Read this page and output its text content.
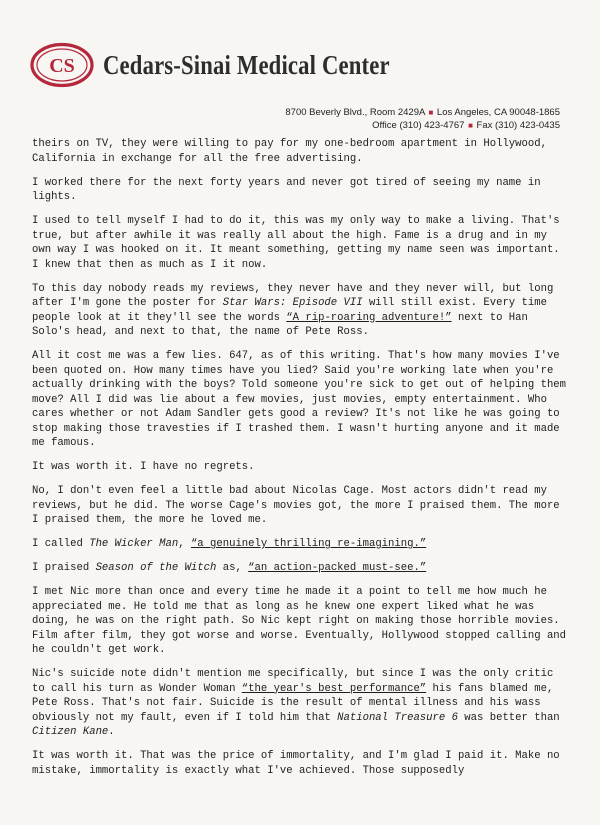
CS Cedars-Sinai Medical Center
8700 Beverly Blvd., Room 2429A ■ Los Angeles, CA 90048-1865
Office (310) 423-4767 ■ Fax (310) 423-0435

theirs on TV, they were willing to pay for my one-bedroom apartment in Hollywood, California in exchange for all the free advertising.

I worked there for the next forty years and never got tired of seeing my name in lights.

I used to tell myself I had to do it, this was my only way to make a living. That's true, but after awhile it was really all about the high. Fame is a drug and in my own way I was hooked on it. It meant something, getting my name seen was important. I knew that then as much as I it now.

To this day nobody reads my reviews, they never have and they never will, but long after I'm gone the poster for Star Wars: Episode VII will still exist. Every time people look at it they'll see the words “A rip-roaring adventure!” next to Han Solo's head, and next to that, the name of Pete Ross.

All it cost me was a few lies. 647, as of this writing. That's how many movies I've been quoted on. How many times have you lied? Said you're working late when you're actually drinking with the boys? Told someone you're sick to get out of helping them move? All I did was lie about a few movies, just movies, empty entertainment. Who cares whether or not Adam Sandler gets good a review? It's not like he was going to stop making those travesties if I trashed them. I wasn't hurting anyone and it made me famous.

It was worth it. I have no regrets.

No, I don't even feel a little bad about Nicolas Cage. Most actors didn't read my reviews, but he did. The worse Cage's movies got, the more I praised them. The more I praised them, the more he loved me.

I called The Wicker Man, “a genuinely thrilling re-imagining.”

I praised Season of the Witch as, “an action-packed must-see.”

I met Nic more than once and every time he made it a point to tell me how much he appreciated me. He told me that as long as he knew one expert liked what he was doing, he was on the right path. So Nic kept right on making those horrible movies. Film after film, they got worse and worse. Eventually, Hollywood stopped calling and he couldn't get work.

Nic's suicide note didn't mention me specifically, but since I was the only critic to call his turn as Wonder Woman “the year's best performance” his fans blamed me, Pete Ross. That's not fair. Suicide is the result of mental illness and his wass obviously not my fault, even if I told him that National Treasure 6 was better than Citizen Kane.

It was worth it. That was the price of immortality, and I'm glad I paid it. Make no mistake, immortality is exactly what I've achieved. Those supposedly
